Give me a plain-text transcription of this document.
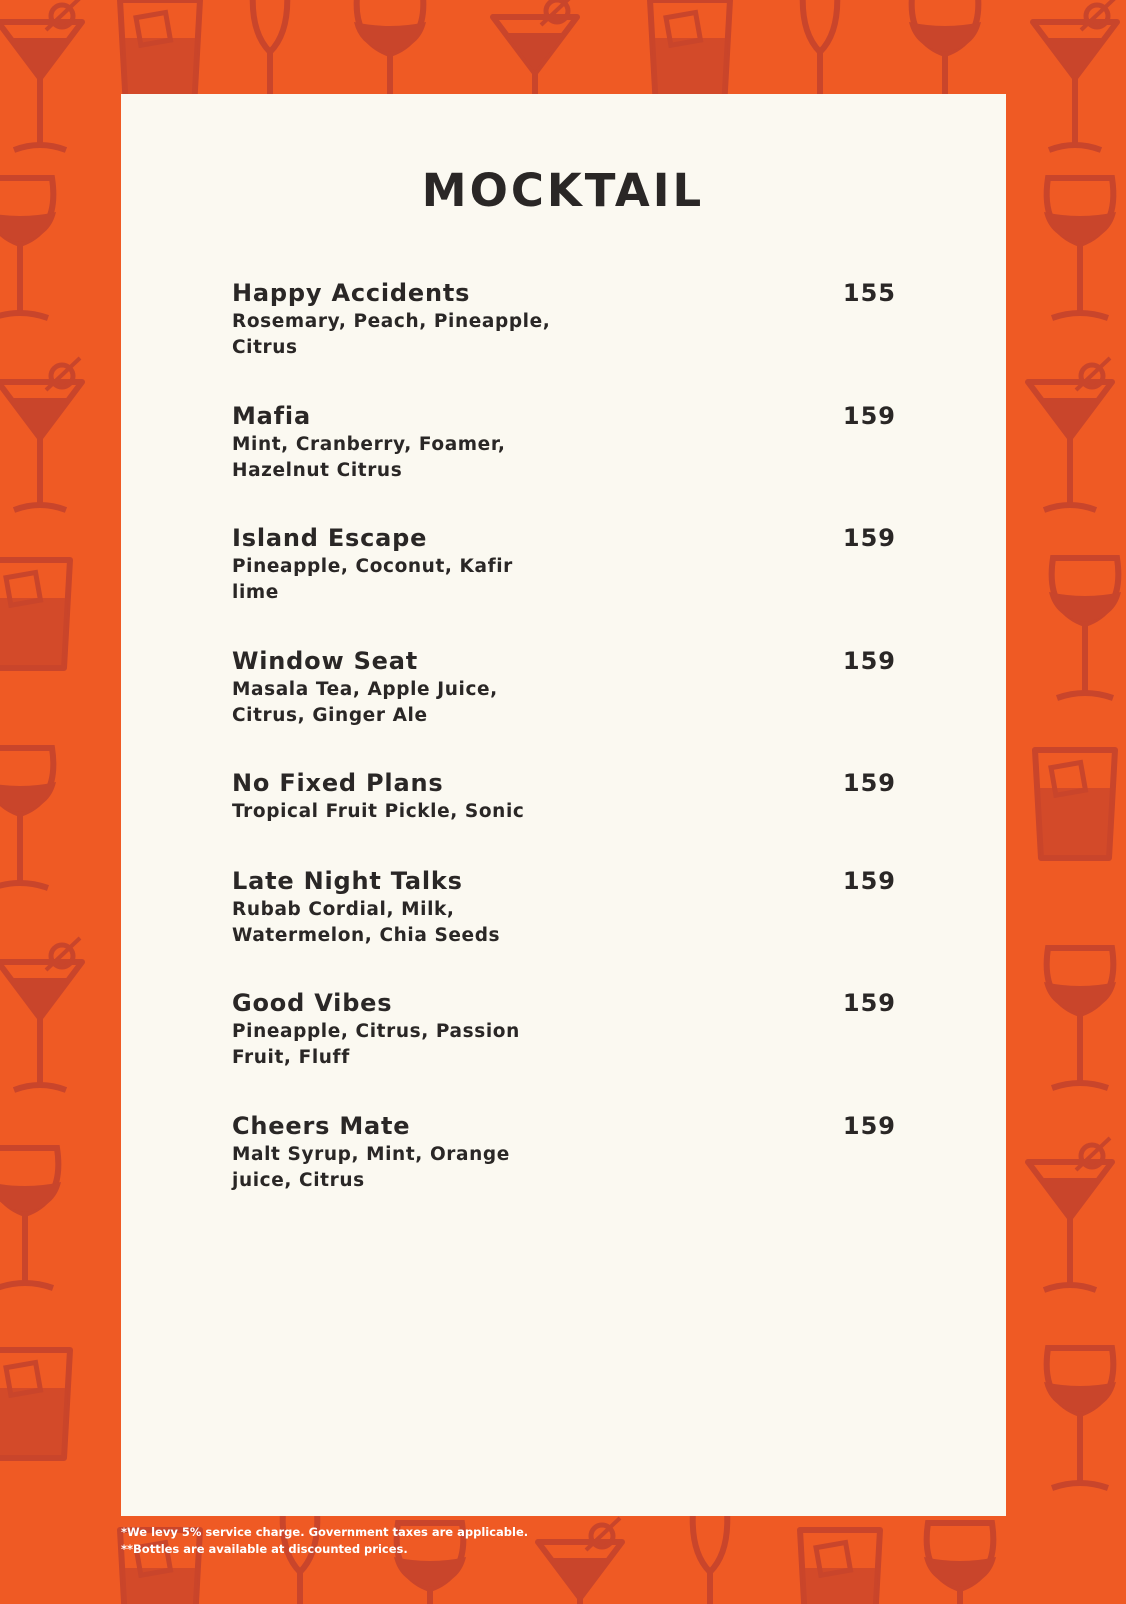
MOCKTAIL
Happy Accidents
Rosemary, Peach, Pineapple, Citrus
155
Mafia
Mint, Cranberry, Foamer, Hazelnut Citrus
159
Island Escape
Pineapple, Coconut, Kafir lime
159
Window Seat
Masala Tea, Apple Juice, Citrus, Ginger Ale
159
No Fixed Plans
Tropical Fruit Pickle, Sonic
159
Late Night Talks
Rubab Cordial, Milk, Watermelon, Chia Seeds
159
Good Vibes
Pineapple, Citrus, Passion Fruit, Fluff
159
Cheers Mate
Malt Syrup, Mint, Orange juice, Citrus
159
*We levy 5% service charge. Government taxes are applicable.
**Bottles are available at discounted prices.
